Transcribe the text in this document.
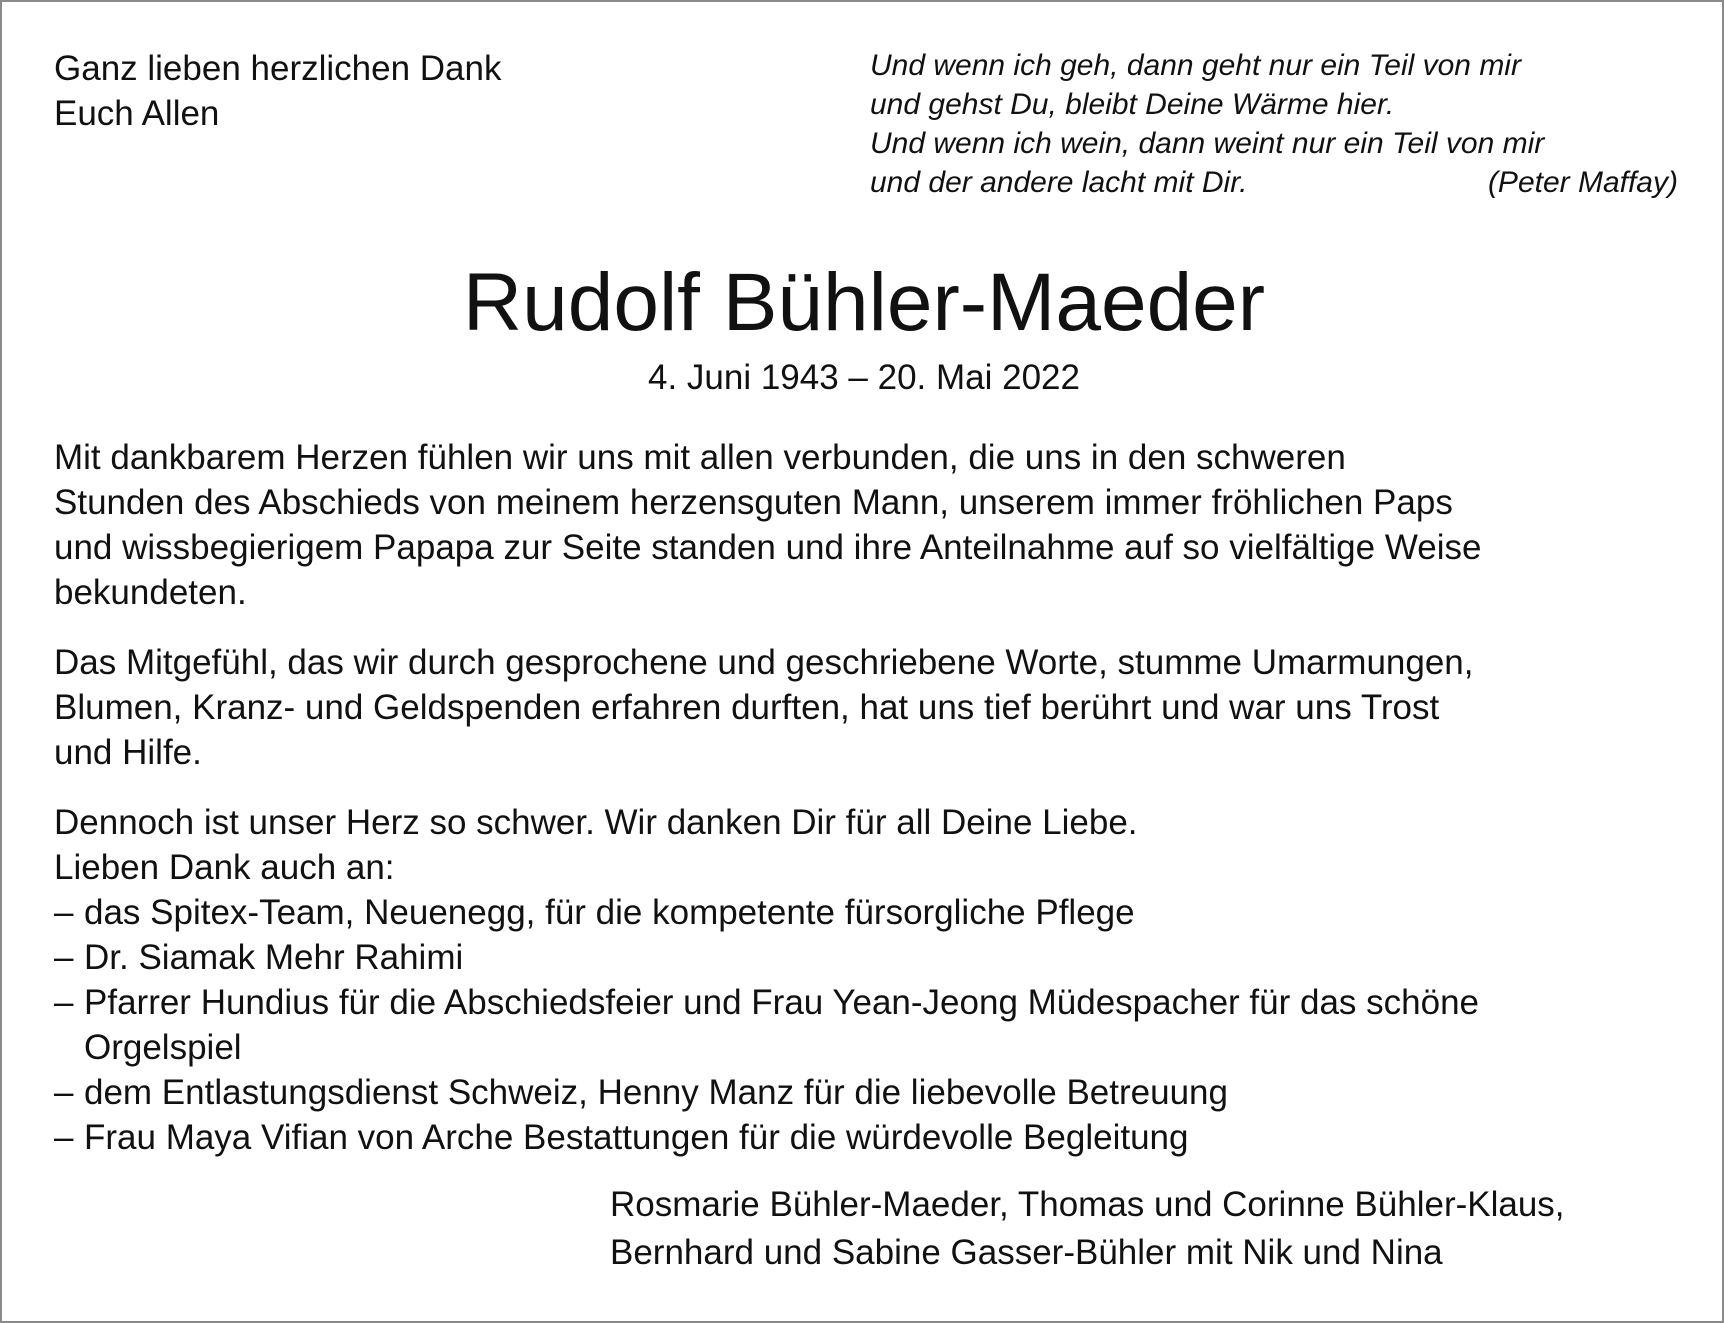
Ganz lieben herzlichen Dank
Euch Allen
Und wenn ich geh, dann geht nur ein Teil von mir
und gehst Du, bleibt Deine Wärme hier.
Und wenn ich wein, dann weint nur ein Teil von mir
und der andere lacht mit Dir.	(Peter Maffay)
Rudolf Bühler-Maeder
4. Juni 1943 – 20. Mai 2022

Mit dankbarem Herzen fühlen wir uns mit allen verbunden, die uns in den schweren
Stunden des Abschieds von meinem herzensguten Mann, unserem immer fröhlichen Paps
und wissbegierigem Papapa zur Seite standen und ihre Anteilnahme auf so vielfältige Weise
bekundeten.

Das Mitgefühl, das wir durch gesprochene und geschriebene Worte, stumme Umarmungen,
Blumen, Kranz- und Geldspenden erfahren durften, hat uns tief berührt und war uns Trost
und Hilfe.

Dennoch ist unser Herz so schwer. Wir danken Dir für all Deine Liebe.
Lieben Dank auch an:
– das Spitex-Team, Neuenegg, für die kompetente fürsorgliche Pflege
– Dr. Siamak Mehr Rahimi
– Pfarrer Hundius für die Abschiedsfeier und Frau Yean-Jeong Müdespacher für das schöne
Orgelspiel
– dem Entlastungsdienst Schweiz, Henny Manz für die liebevolle Betreuung
– Frau Maya Vifian von Arche Bestattungen für die würdevolle Begleitung
Rosmarie Bühler-Maeder, Thomas und Corinne Bühler-Klaus,
Bernhard und Sabine Gasser-Bühler mit Nik und Nina
